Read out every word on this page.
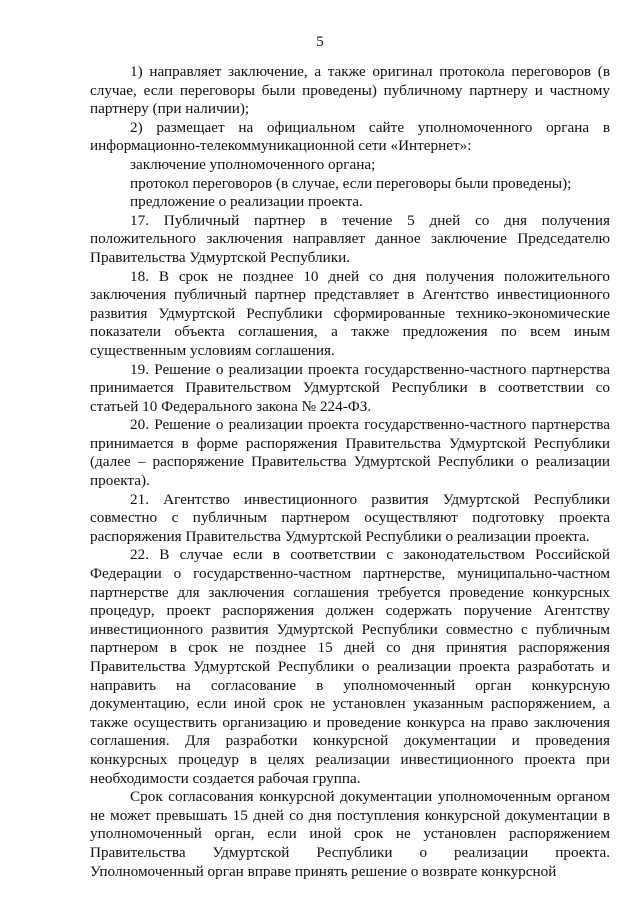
5

1) направляет заключение, а также оригинал протокола переговоров (в случае, если переговоры были проведены) публичному партнеру и частному партнеру (при наличии);

2) размещает на официальном сайте уполномоченного органа в информационно-телекоммуникационной сети «Интернет»:

заключение уполномоченного органа;

протокол переговоров (в случае, если переговоры были проведены);

предложение о реализации проекта.

17. Публичный партнер в течение 5 дней со дня получения положительного заключения направляет данное заключение Председателю Правительства Удмуртской Республики.

18. В срок не позднее 10 дней со дня получения положительного заключения публичный партнер представляет в Агентство инвестиционного развития Удмуртской Республики сформированные технико-экономические показатели объекта соглашения, а также предложения по всем иным существенным условиям соглашения.

19. Решение о реализации проекта государственно-частного партнерства принимается Правительством Удмуртской Республики в соответствии со статьей 10 Федерального закона № 224-ФЗ.

20. Решение о реализации проекта государственно-частного партнерства принимается в форме распоряжения Правительства Удмуртской Республики (далее – распоряжение Правительства Удмуртской Республики о реализации проекта).

21. Агентство инвестиционного развития Удмуртской Республики совместно с публичным партнером осуществляют подготовку проекта распоряжения Правительства Удмуртской Республики о реализации проекта.

22. В случае если в соответствии с законодательством Российской Федерации о государственно-частном партнерстве, муниципально-частном партнерстве для заключения соглашения требуется проведение конкурсных процедур, проект распоряжения должен содержать поручение Агентству инвестиционного развития Удмуртской Республики совместно с публичным партнером в срок не позднее 15 дней со дня принятия распоряжения Правительства Удмуртской Республики о реализации проекта разработать и направить на согласование в уполномоченный орган конкурсную документацию, если иной срок не установлен указанным распоряжением, а также осуществить организацию и проведение конкурса на право заключения соглашения. Для разработки конкурсной документации и проведения конкурсных процедур в целях реализации инвестиционного проекта при необходимости создается рабочая группа.

Срок согласования конкурсной документации уполномоченным органом не может превышать 15 дней со дня поступления конкурсной документации в уполномоченный орган, если иной срок не установлен распоряжением Правительства Удмуртской Республики о реализации проекта. Уполномоченный орган вправе принять решение о возврате конкурсной
